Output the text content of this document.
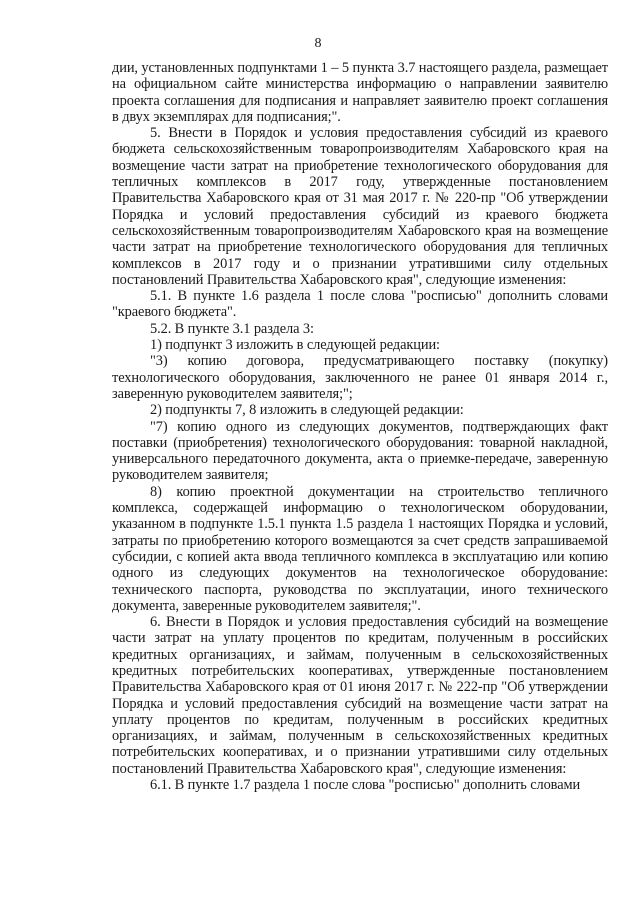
8

дии, установленных подпунктами 1 – 5 пункта 3.7 настоящего раздела, размещает на официальном сайте министерства информацию о направлении заявителю проекта соглашения для подписания и направляет заявителю проект соглашения в двух экземплярах для подписания;".

5. Внести в Порядок и условия предоставления субсидий из краевого бюджета сельскохозяйственным товаропроизводителям Хабаровского края на возмещение части затрат на приобретение технологического оборудования для тепличных комплексов в 2017 году, утвержденные постановлением Правительства Хабаровского края от 31 мая 2017 г. № 220-пр "Об утверждении Порядка и условий предоставления субсидий из краевого бюджета сельскохозяйственным товаропроизводителям Хабаровского края на возмещение части затрат на приобретение технологического оборудования для тепличных комплексов в 2017 году и о признании утратившими силу отдельных постановлений Правительства Хабаровского края", следующие изменения:

5.1. В пункте 1.6 раздела 1 после слова "росписью" дополнить словами "краевого бюджета".

5.2. В пункте 3.1 раздела 3:

1) подпункт 3 изложить в следующей редакции:

"3) копию договора, предусматривающего поставку (покупку) технологического оборудования, заключенного не ранее 01 января 2014 г., заверенную руководителем заявителя;";

2) подпункты 7, 8 изложить в следующей редакции:

"7) копию одного из следующих документов, подтверждающих факт поставки (приобретения) технологического оборудования: товарной накладной, универсального передаточного документа, акта о приемке-передаче, заверенную руководителем заявителя;

8) копию проектной документации на строительство тепличного комплекса, содержащей информацию о технологическом оборудовании, указанном в подпункте 1.5.1 пункта 1.5 раздела 1 настоящих Порядка и условий, затраты по приобретению которого возмещаются за счет средств запрашиваемой субсидии, с копией акта ввода тепличного комплекса в эксплуатацию или копию одного из следующих документов на технологическое оборудование: технического паспорта, руководства по эксплуатации, иного технического документа, заверенные руководителем заявителя;".

6. Внести в Порядок и условия предоставления субсидий на возмещение части затрат на уплату процентов по кредитам, полученным в российских кредитных организациях, и займам, полученным в сельскохозяйственных кредитных потребительских кооперативах, утвержденные постановлением Правительства Хабаровского края от 01 июня 2017 г. № 222-пр "Об утверждении Порядка и условий предоставления субсидий на возмещение части затрат на уплату процентов по кредитам, полученным в российских кредитных организациях, и займам, полученным в сельскохозяйственных кредитных потребительских кооперативах, и о признании утратившими силу отдельных постановлений Правительства Хабаровского края", следующие изменения:

6.1. В пункте 1.7 раздела 1 после слова "росписью" дополнить словами
